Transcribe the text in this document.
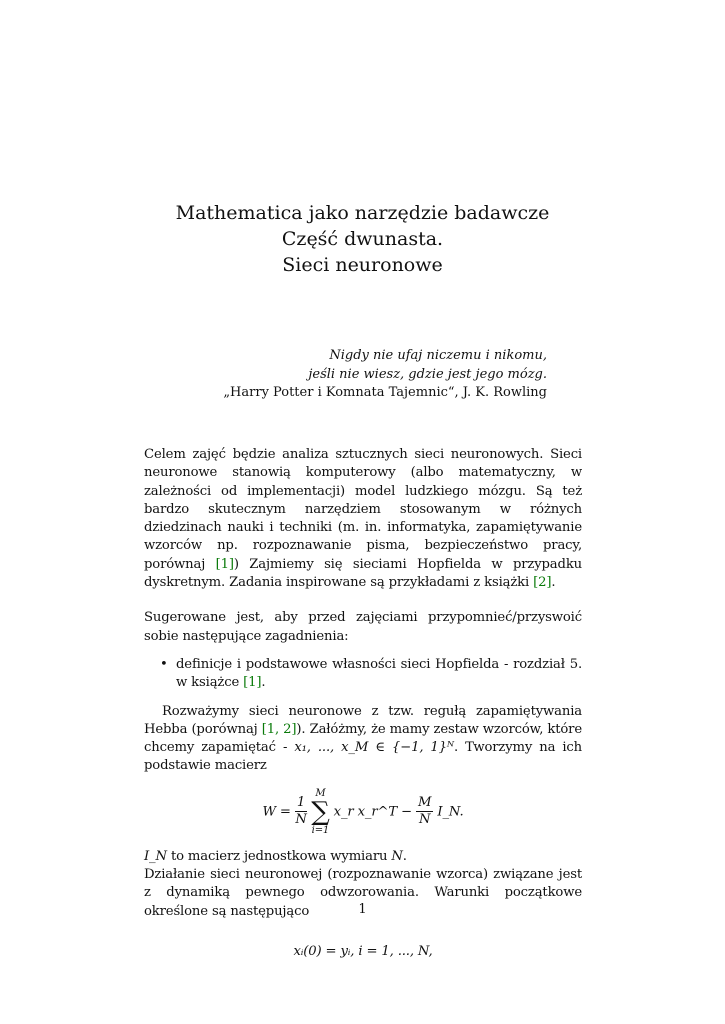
Mathematica jako narzędzie badawcze
Część dwunasta.
Sieci neuronowe
Nigdy nie ufaj niczemu i nikomu,
jeśli nie wiesz, gdzie jest jego mózg.
„Harry Potter i Komnata Tajemnic“, J. K. Rowling

Celem zajęć będzie analiza sztucznych sieci neuronowych. Sieci neuronowe stanowią komputerowy (albo matematyczny, w zależności od implementacji) model ludzkiego mózgu. Są też bardzo skutecznym narzędziem stosowanym w różnych dziedzinach nauki i techniki (m. in. informatyka, zapamiętywanie wzorców np. rozpoznawanie pisma, bezpieczeństwo pracy, porównaj [1]) Zajmiemy się sieciami Hopfielda w przypadku dyskretnym. Zadania inspirowane są przykładami z książki [2].

Sugerowane jest, aby przed zajęciami przypomnieć/przyswoić sobie następujące zagadnienia:

• definicje i podstawowe własności sieci Hopfielda - rozdział 5. w książce [1].

Rozważymy sieci neuronowe z tzw. regułą zapamiętywania Hebba (porównaj [1, 2]). Załóżmy, że mamy zestaw wzorców, które chcemy zapamiętać - x₁, ..., x_M ∈ {−1, 1}ᴺ. Tworzymy na ich podstawie macierz

$W = \frac{1}{N}$

M
∑
i=1
x_r x_r^T − $\frac{M}{N}$ I_N.

I_N to macierz jednostkowa wymiaru N.

Działanie sieci neuronowej (rozpoznawanie wzorca) związane jest z dynamiką pewnego odwzorowania. Warunki początkowe określone są następująco

xᵢ(0) = yᵢ, i = 1, ..., N,

1
